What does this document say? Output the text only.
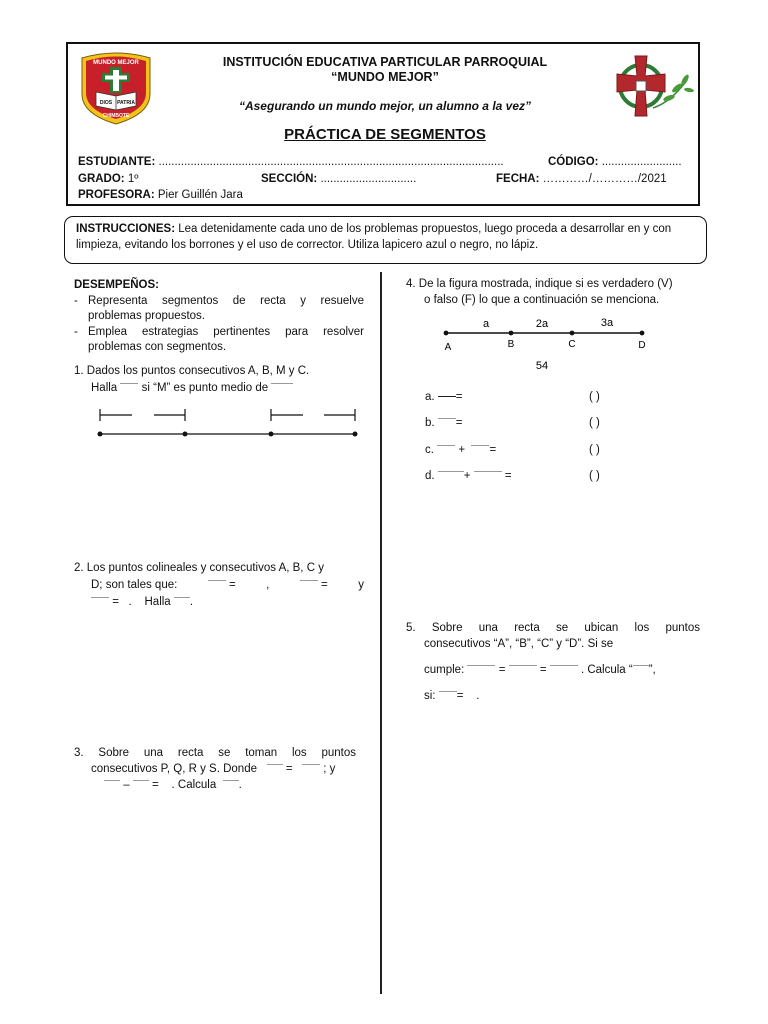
MUNDO MEJOR
DIOS PATRIA
CHIMBOTE
INSTITUCIÓN EDUCATIVA PARTICULAR PARROQUIAL
“MUNDO MEJOR”
“Asegurando un mundo mejor, un alumno a la vez”
PRÁCTICA DE SEGMENTOS
ESTUDIANTE: ............................................................................................................	CÓDIGO: .........................
GRADO: 1º	SECCIÓN: ..............................	FECHA: …………/…………/2021
PROFESORA: Pier Guillén Jara
INSTRUCCIONES: Lea detenidamente cada uno de los problemas propuestos, luego proceda a desarrollar en y con limpieza, evitando los borrones y el uso de corrector. Utiliza lapicero azul o negro, no lápiz.
DESEMPEÑOS:
- Representa segmentos de recta y resuelve problemas propuestos.
- Emplea estrategias pertinentes para resolver problemas con segmentos.
1. Dados los puntos consecutivos A, B, M y C.
Halla si “M” es punto medio de
2. Los puntos colineales y consecutivos A, B, C y
D; son tales que:	=	,	=	y
= . Halla .
3. Sobre una recta se toman los puntos
consecutivos P, Q, R y S. Donde	=	; y
– = . Calcula .
4. De la figura mostrada, indique si es verdadero (V)
o falso (F) lo que a continuación se menciona.
a	2a	3a
A	B	C	D
54
a. =	( )
b. =	( )
c. + =	( )
d.	+	=	( )
5. Sobre una recta se ubican los puntos
consecutivos “A”, “B”, “C” y “D”. Si se
cumple:	=	=	. Calcula “ ”,
si: = .
